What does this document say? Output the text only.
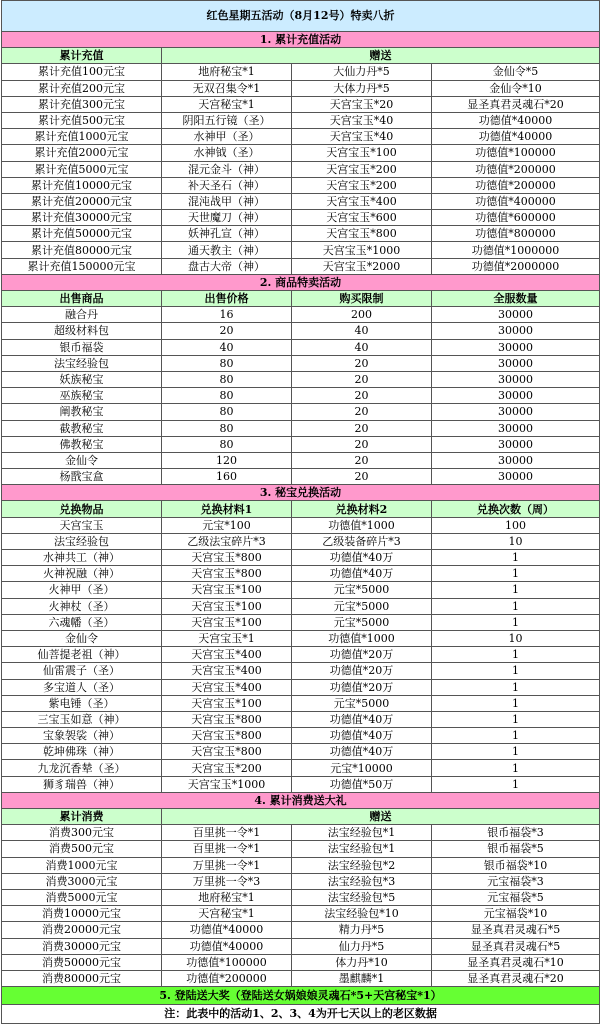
红色星期五活动（8月12号）特卖八折			
1. 累计充值活动			
累计充值	赠送		
累计充值100元宝	地府秘宝*1	大仙力丹*5	金仙令*5
累计充值200元宝	无双召集令*1	大体力丹*5	金仙令*10
累计充值300元宝	天宫秘宝*1	天宫宝玉*20	显圣真君灵魂石*20
累计充值500元宝	阴阳五行镜（圣）	天宫宝玉*40	功德值*40000
累计充值1000元宝	水神甲（圣）	天宫宝玉*40	功德值*40000
累计充值2000元宝	水神钺（圣）	天宫宝玉*100	功德值*100000
累计充值5000元宝	混元金斗（神）	天宫宝玉*200	功德值*200000
累计充值10000元宝	补天圣石（神）	天宫宝玉*200	功德值*200000
累计充值20000元宝	混沌战甲（神）	天宫宝玉*400	功德值*400000
累计充值30000元宝	天世魔刀（神）	天宫宝玉*600	功德值*600000
累计充值50000元宝	妖神孔宣（神）	天宫宝玉*800	功德值*800000
累计充值80000元宝	通天教主（神）	天宫宝玉*1000	功德值*1000000
累计充值150000元宝	盘古大帝（神）	天宫宝玉*2000	功德值*2000000
2. 商品特卖活动			
出售商品	出售价格	购买限制	全服数量
融合丹	16	200	30000
超级材料包	20	40	30000
银币福袋	40	40	30000
法宝经验包	80	20	30000
妖族秘宝	80	20	30000
巫族秘宝	80	20	30000
阐教秘宝	80	20	30000
截教秘宝	80	20	30000
佛教秘宝	80	20	30000
金仙令	120	20	30000
杨戬宝盒	160	20	30000
3. 秘宝兑换活动			
兑换物品	兑换材料1	兑换材料2	兑换次数（周）
天宫宝玉	元宝*100	功德值*1000	100
法宝经验包	乙级法宝碎片*3	乙级装备碎片*3	10
水神共工（神）	天宫宝玉*800	功德值*40万	1
火神祝融（神）	天宫宝玉*800	功德值*40万	1
火神甲（圣）	天宫宝玉*100	元宝*5000	1
火神杖（圣）	天宫宝玉*100	元宝*5000	1
六魂幡（圣）	天宫宝玉*100	元宝*5000	1
金仙令	天宫宝玉*1	功德值*1000	10
仙菩提老祖（神）	天宫宝玉*400	功德值*20万	1
仙雷震子（圣）	天宫宝玉*400	功德值*20万	1
多宝道人（圣）	天宫宝玉*400	功德值*20万	1
紫电锤（圣）	天宫宝玉*100	元宝*5000	1
三宝玉如意（神）	天宫宝玉*800	功德值*40万	1
宝象袈裟（神）	天宫宝玉*800	功德值*40万	1
乾坤佛珠（神）	天宫宝玉*800	功德值*40万	1
九龙沉香辇（圣）	天宫宝玉*200	元宝*10000	1
狮豸瑞兽（神）	天宫宝玉*1000	功德值*50万	1
4. 累计消费送大礼			
累计消费	赠送		
消费300元宝	百里挑一令*1	法宝经验包*1	银币福袋*3
消费500元宝	百里挑一令*1	法宝经验包*1	银币福袋*5
消费1000元宝	万里挑一令*1	法宝经验包*2	银币福袋*10
消费3000元宝	万里挑一令*3	法宝经验包*3	元宝福袋*3
消费5000元宝	地府秘宝*1	法宝经验包*5	元宝福袋*5
消费10000元宝	天宫秘宝*1	法宝经验包*10	元宝福袋*10
消费20000元宝	功德值*40000	精力丹*5	显圣真君灵魂石*5
消费30000元宝	功德值*40000	仙力丹*5	显圣真君灵魂石*5
消费50000元宝	功德值*100000	体力丹*10	显圣真君灵魂石*10
消费80000元宝	功德值*200000	墨麒麟*1	显圣真君灵魂石*20
5. 登陆送大奖（登陆送女娲娘娘灵魂石*5+天宫秘宝*1）			
注：此表中的活动1、2、3、4为开七天以上的老区数据			
